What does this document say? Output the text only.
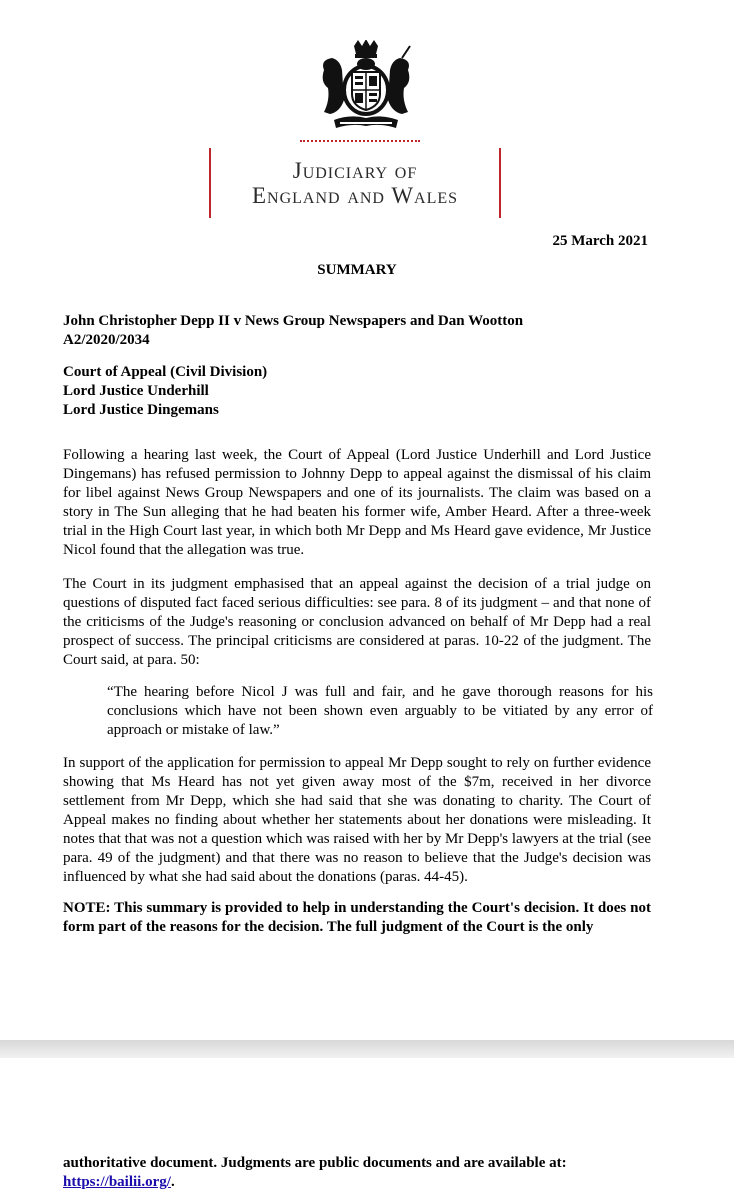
Judiciary of
England and Wales
25 March 2021
SUMMARY
John Christopher Depp II v News Group Newspapers and Dan Wootton
A2/2020/2034
Court of Appeal (Civil Division)
Lord Justice Underhill
Lord Justice Dingemans
Following a hearing last week, the Court of Appeal (Lord Justice Underhill and Lord Justice Dingemans) has refused permission to Johnny Depp to appeal against the dismissal of his claim for libel against News Group Newspapers and one of its journalists. The claim was based on a story in The Sun alleging that he had beaten his former wife, Amber Heard. After a three-week trial in the High Court last year, in which both Mr Depp and Ms Heard gave evidence, Mr Justice Nicol found that the allegation was true.
The Court in its judgment emphasised that an appeal against the decision of a trial judge on questions of disputed fact faced serious difficulties: see para. 8 of its judgment – and that none of the criticisms of the Judge's reasoning or conclusion advanced on behalf of Mr Depp had a real prospect of success. The principal criticisms are considered at paras. 10-22 of the judgment. The Court said, at para. 50:
“The hearing before Nicol J was full and fair, and he gave thorough reasons for his conclusions which have not been shown even arguably to be vitiated by any error of approach or mistake of law.”
In support of the application for permission to appeal Mr Depp sought to rely on further evidence showing that Ms Heard has not yet given away most of the $7m, received in her divorce settlement from Mr Depp, which she had said that she was donating to charity. The Court of Appeal makes no finding about whether her statements about her donations were misleading. It notes that that was not a question which was raised with her by Mr Depp's lawyers at the trial (see para. 49 of the judgment) and that there was no reason to believe that the Judge's decision was influenced by what she had said about the donations (paras. 44-45).
NOTE: This summary is provided to help in understanding the Court's decision. It does not form part of the reasons for the decision. The full judgment of the Court is the only
authoritative document. Judgments are public documents and are available at:
https://bailii.org/.
